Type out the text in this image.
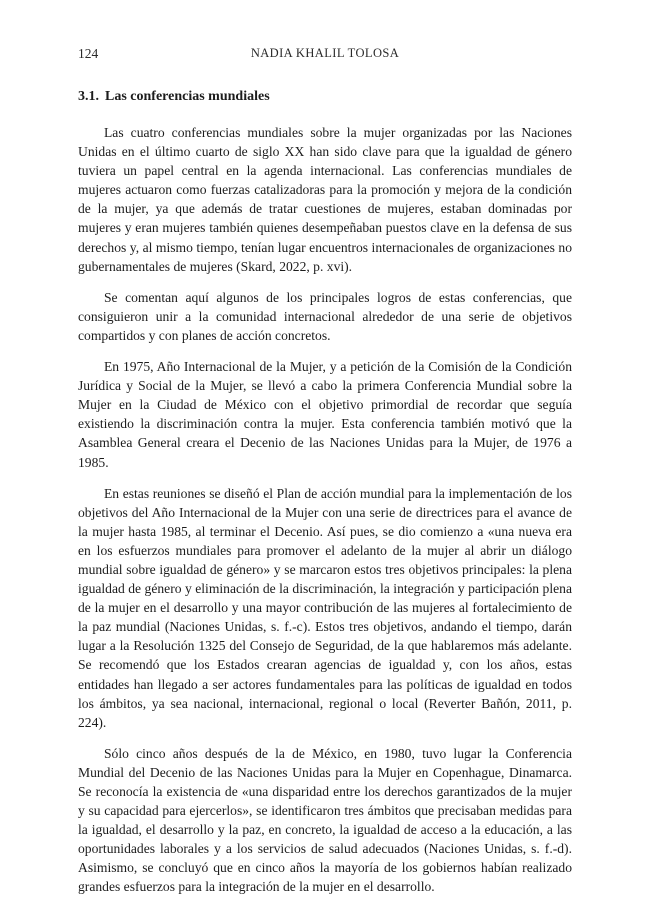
124	NADIA KHALIL TOLOSA
3.1. Las conferencias mundiales

Las cuatro conferencias mundiales sobre la mujer organizadas por las Naciones Unidas en el último cuarto de siglo XX han sido clave para que la igualdad de género tuviera un papel central en la agenda internacional. Las conferencias mundiales de mujeres actuaron como fuerzas catalizadoras para la promoción y mejora de la condición de la mujer, ya que además de tratar cuestiones de mujeres, estaban dominadas por mujeres y eran mujeres también quienes desempeñaban puestos clave en la defensa de sus derechos y, al mismo tiempo, tenían lugar encuentros internacionales de organizaciones no gubernamentales de mujeres (Skard, 2022, p. xvi).

Se comentan aquí algunos de los principales logros de estas conferencias, que consiguieron unir a la comunidad internacional alrededor de una serie de objetivos compartidos y con planes de acción concretos.

En 1975, Año Internacional de la Mujer, y a petición de la Comisión de la Condición Jurídica y Social de la Mujer, se llevó a cabo la primera Conferencia Mundial sobre la Mujer en la Ciudad de México con el objetivo primordial de recordar que seguía existiendo la discriminación contra la mujer. Esta conferencia también motivó que la Asamblea General creara el Decenio de las Naciones Unidas para la Mujer, de 1976 a 1985.

En estas reuniones se diseñó el Plan de acción mundial para la implementación de los objetivos del Año Internacional de la Mujer con una serie de directrices para el avance de la mujer hasta 1985, al terminar el Decenio. Así pues, se dio comienzo a «una nueva era en los esfuerzos mundiales para promover el adelanto de la mujer al abrir un diálogo mundial sobre igualdad de género» y se marcaron estos tres objetivos principales: la plena igualdad de género y eliminación de la discriminación, la integración y participación plena de la mujer en el desarrollo y una mayor contribución de las mujeres al fortalecimiento de la paz mundial (Naciones Unidas, s. f.-c). Estos tres objetivos, andando el tiempo, darán lugar a la Resolución 1325 del Consejo de Seguridad, de la que hablaremos más adelante. Se recomendó que los Estados crearan agencias de igualdad y, con los años, estas entidades han llegado a ser actores fundamentales para las políticas de igualdad en todos los ámbitos, ya sea nacional, internacional, regional o local (Reverter Bañón, 2011, p. 224).

Sólo cinco años después de la de México, en 1980, tuvo lugar la Conferencia Mundial del Decenio de las Naciones Unidas para la Mujer en Copenhague, Dinamarca. Se reconocía la existencia de «una disparidad entre los derechos garantizados de la mujer y su capacidad para ejercerlos», se identificaron tres ámbitos que precisaban medidas para la igualdad, el desarrollo y la paz, en concreto, la igualdad de acceso a la educación, a las oportunidades laborales y a los servicios de salud adecuados (Naciones Unidas, s. f.-d). Asimismo, se concluyó que en cinco años la mayoría de los gobiernos habían realizado grandes esfuerzos para la integración de la mujer en el desarrollo.
